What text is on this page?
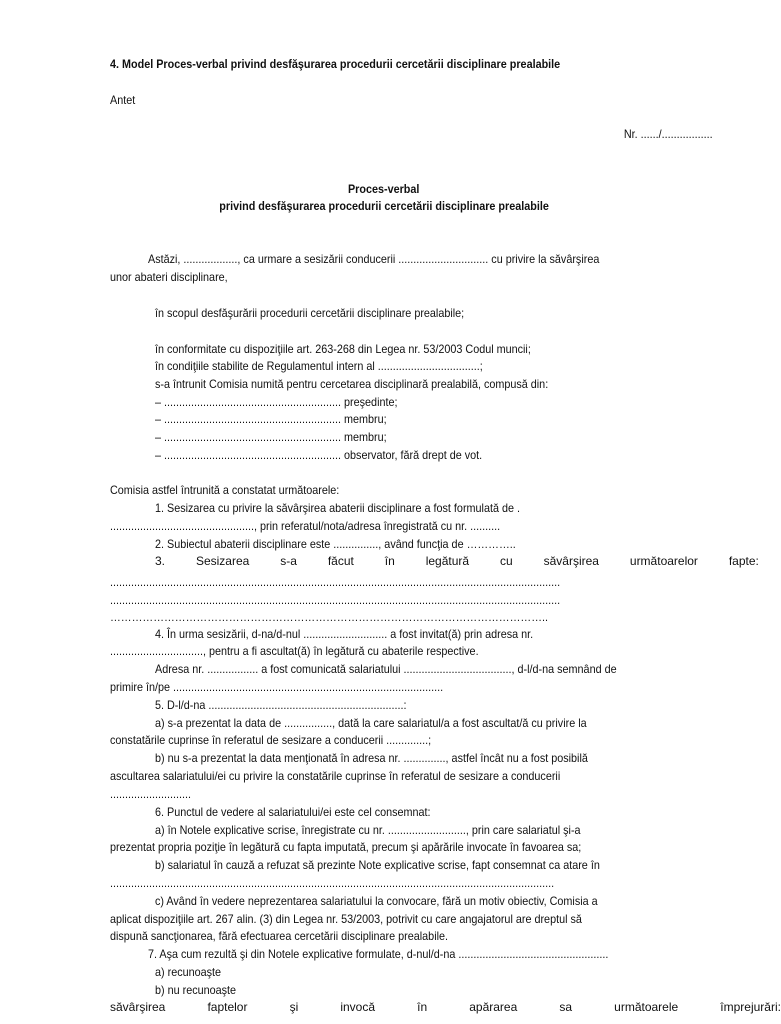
4. Model Proces-verbal privind desfăşurarea procedurii cercetării disciplinare prealabile
Antet
Nr. ....../.................
Proces-verbal
privind desfăşurarea procedurii cercetării disciplinare prealabile
Astăzi, .................., ca urmare a sesizării conducerii .............................. cu privire la săvârşirea
unor abateri disciplinare,
în scopul desfăşurării procedurii cercetării disciplinare prealabile;
în conformitate cu dispoziţiile art. 263-268 din Legea nr. 53/2003 Codul muncii;
în condiţiile stabilite de Regulamentul intern al ..................................;
s-a întrunit Comisia numită pentru cercetarea disciplinară prealabilă, compusă din:
– ........................................................... preşedinte;
– ........................................................... membru;
– ........................................................... membru;
– ........................................................... observator, fără drept de vot.
Comisia astfel întrunită a constatat următoarele:
1. Sesizarea cu privire la săvârşirea abaterii disciplinare a fost formulată de .
................................................, prin referatul/nota/adresa înregistrată cu nr. ..........
2. Subiectul abaterii disciplinare este ..............., având funcţia de …………..
3.	Sesizarea	s-a	făcut	în	legătură	cu	săvârşirea	următoarelor	fapte:
......................................................................................................................................................
......................................................................................................................................................
…………………………………………………………………………………………………………..
4. În urma sesizării, d-na/d-nul ............................ a fost invitat(ă) prin adresa nr.
..............................., pentru a fi ascultat(ă) în legătură cu abaterile respective.
Adresa nr. ................. a fost comunicată salariatului ...................................., d-l/d-na semnând de
primire în/pe ..........................................................................................
5. D-l/d-na .................................................................:
a) s-a prezentat la data de ................, dată la care salariatul/a a fost ascultat/ă cu privire la
constatările cuprinse în referatul de sesizare a conducerii ..............;
b) nu s-a prezentat la data menţionată în adresa nr. .............., astfel încât nu a fost posibilă
ascultarea salariatului/ei cu privire la constatările cuprinse în referatul de sesizare a conducerii
...........................
6. Punctul de vedere al salariatului/ei este cel consemnat:
a) în Notele explicative scrise, înregistrate cu nr. .........................., prin care salariatul şi-a
prezentat propria poziţie în legătură cu fapta imputată, precum şi apărările invocate în favoarea sa;
b) salariatul în cauză a refuzat să prezinte Note explicative scrise, fapt consemnat ca atare în
....................................................................................................................................................
c) Având în vedere neprezentarea salariatului la convocare, fără un motiv obiectiv, Comisia a
aplicat dispoziţiile art. 267 alin. (3) din Legea nr. 53/2003, potrivit cu care angajatorul are dreptul să
dispună sancţionarea, fără efectuarea cercetării disciplinare prealabile.
7. Aşa cum rezultă şi din Notele explicative formulate, d-nul/d-na ..................................................
a) recunoaşte
b) nu recunoaşte
săvârşirea	faptelor	şi	invocă	în	apărarea	sa	următoarele	împrejurări:
